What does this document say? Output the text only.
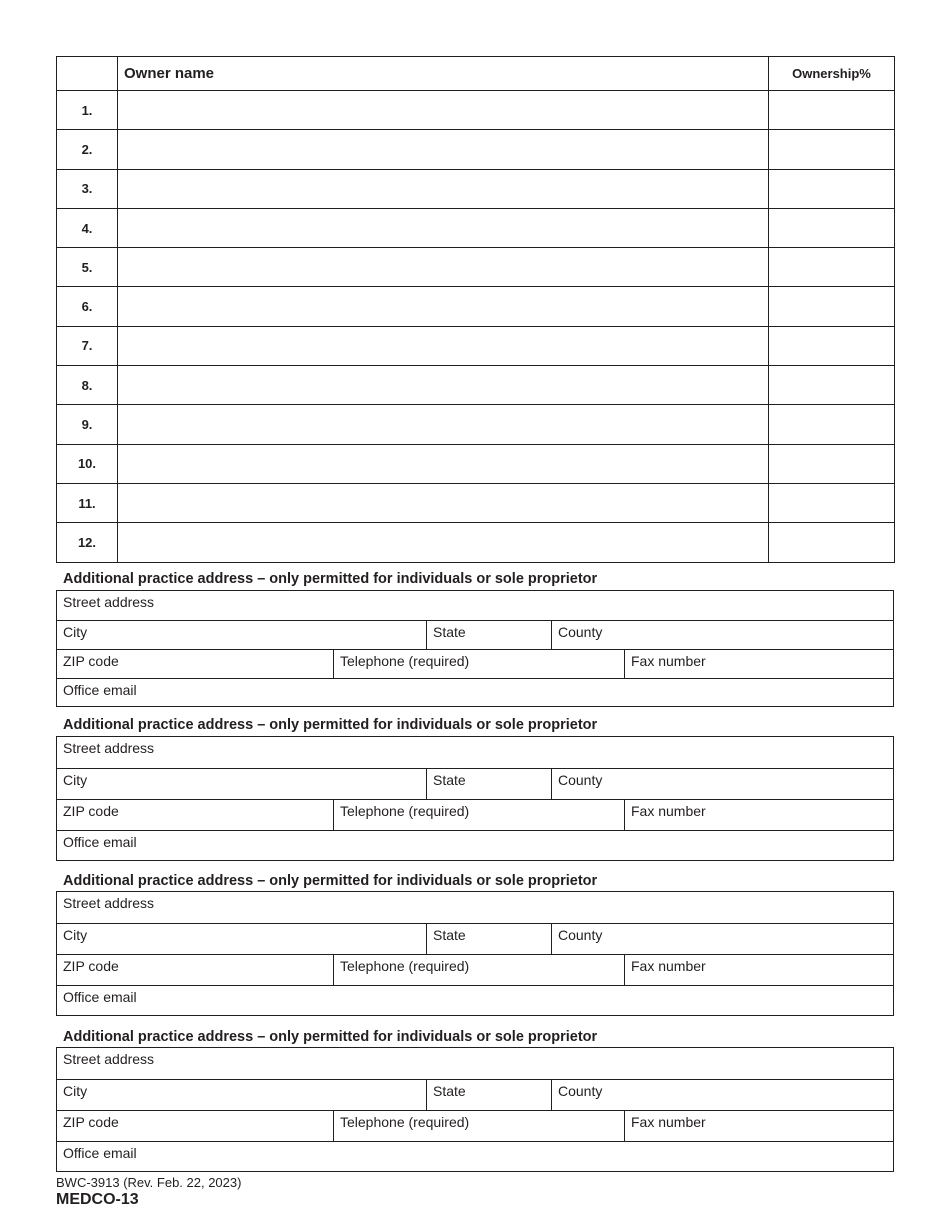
	Owner name	Ownership%
1.		
2.		
3.		
4.		
5.		
6.		
7.		
8.		
9.		
10.		
11.		
12.		
Additional practice address – only permitted for individuals or sole proprietor
Street address
City	State	County
ZIP code	Telephone (required)	Fax number
Office email
Additional practice address – only permitted for individuals or sole proprietor
Street address
City	State	County
ZIP code	Telephone (required)	Fax number
Office email
Additional practice address – only permitted for individuals or sole proprietor
Street address
City	State	County
ZIP code	Telephone (required)	Fax number
Office email
Additional practice address – only permitted for individuals or sole proprietor
Street address
City	State	County
ZIP code	Telephone (required)	Fax number
Office email
BWC-3913 (Rev. Feb. 22, 2023)
MEDCO-13
